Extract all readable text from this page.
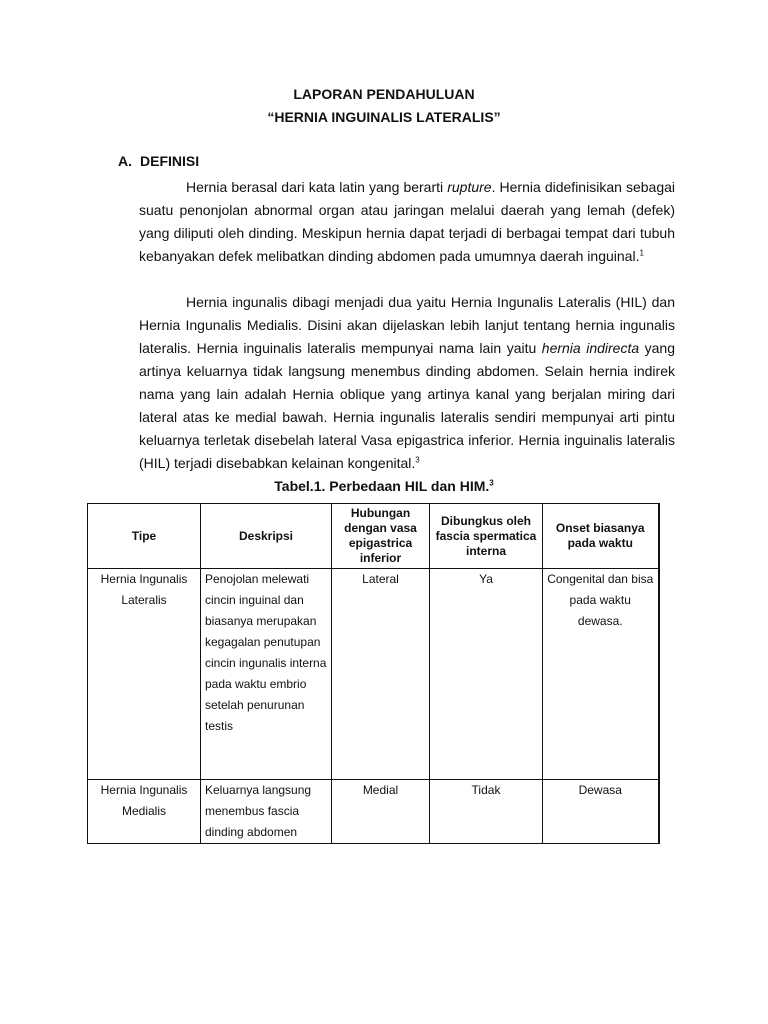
LAPORAN PENDAHULUAN

“HERNIA INGUINALIS LATERALIS”

A. DEFINISI

Hernia berasal dari kata latin yang berarti rupture. Hernia didefinisikan sebagai suatu penonjolan abnormal organ atau jaringan melalui daerah yang lemah (defek) yang diliputi oleh dinding. Meskipun hernia dapat terjadi di berbagai tempat dari tubuh kebanyakan defek melibatkan dinding abdomen pada umumnya daerah inguinal.$^1$

Hernia ingunalis dibagi menjadi dua yaitu Hernia Ingunalis Lateralis (HIL) dan Hernia Ingunalis Medialis. Disini akan dijelaskan lebih lanjut tentang hernia ingunalis lateralis. Hernia inguinalis lateralis mempunyai nama lain yaitu hernia indirecta yang artinya keluarnya tidak langsung menembus dinding abdomen. Selain hernia indirek nama yang lain adalah Hernia oblique yang artinya kanal yang berjalan miring dari lateral atas ke medial bawah. Hernia ingunalis lateralis sendiri mempunyai arti pintu keluarnya terletak disebelah lateral Vasa epigastrica inferior. Hernia inguinalis lateralis (HIL) terjadi disebabkan kelainan kongenital.$^3$

Tabel.1. Perbedaan HIL dan HIM.$^3$

Tipe	Deskripsi	Hubungan dengan vasa epigastrica inferior	Dibungkus oleh fascia spermatica interna	Onset biasanya pada waktu
Hernia Ingunalis Lateralis	Penojolan melewati cincin inguinal dan biasanya merupakan kegagalan penutupan cincin ingunalis interna pada waktu embrio setelah penurunan testis	Lateral	Ya	Congenital dan bisa pada waktu dewasa.
Hernia Ingunalis Medialis	Keluarnya langsung menembus fascia dinding abdomen	Medial	Tidak	Dewasa
